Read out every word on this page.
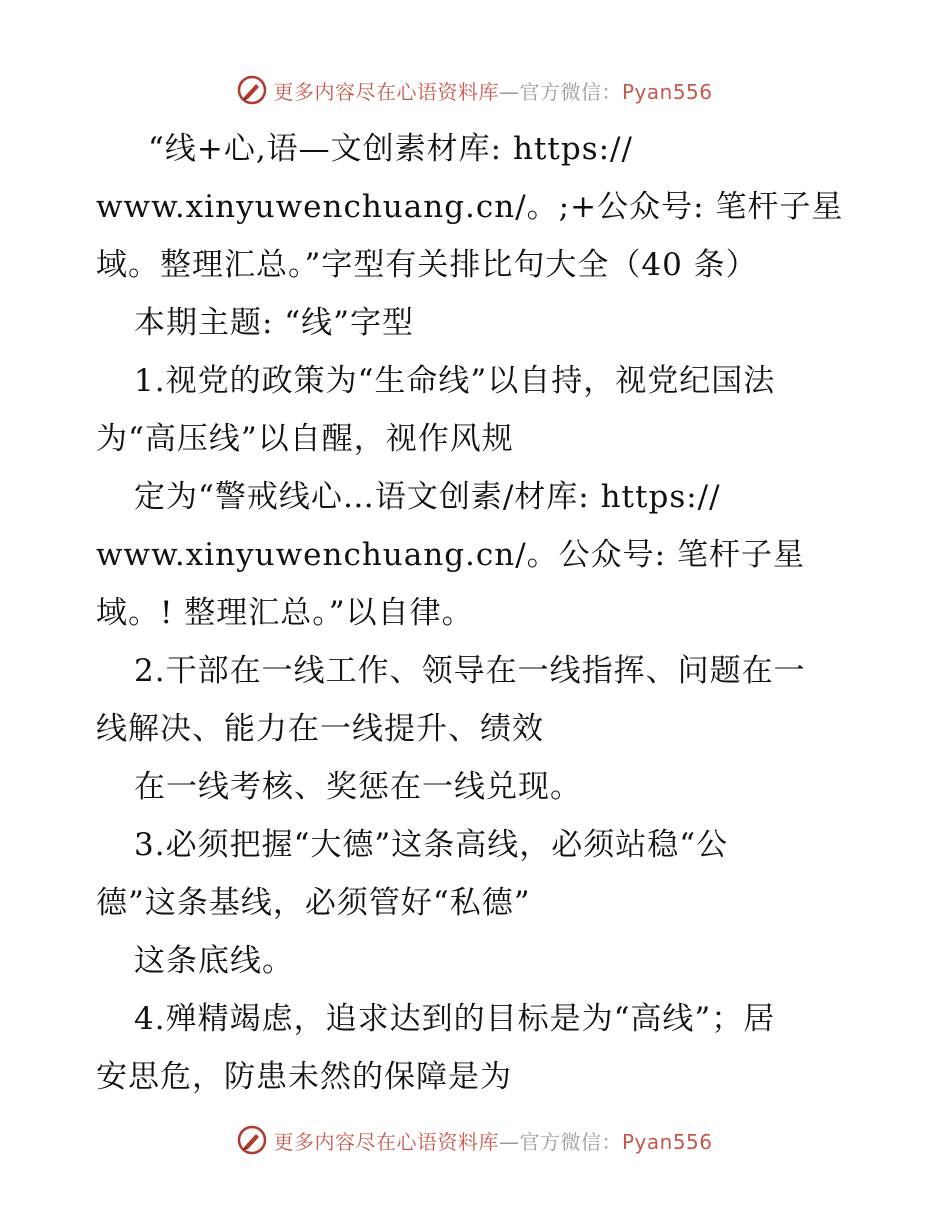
更多内容尽在心语资料库—官方微信：Pyan556
“线+心,语—文创素材库: https://
www.xinyuwenchuang.cn/。;+公众号: 笔杆子星
域。整理汇总。”字型有关排比句大全（40 条）
本期主题: “线”字型
1.视党的政策为“生命线”以自持，视党纪国法
为“高压线”以自醒，视作风规
定为“警戒线心…语文创素/材库: https://
www.xinyuwenchuang.cn/。公众号: 笔杆子星
域。! 整理汇总。”以自律。
2.干部在一线工作、领导在一线指挥、问题在一
线解决、能力在一线提升、绩效
在一线考核、奖惩在一线兑现。
3.必须把握“大德”这条高线，必须站稳“公
德”这条基线，必须管好“私德”
这条底线。
4.殚精竭虑，追求达到的目标是为“高线”；居
安思危，防患未然的保障是为
更多内容尽在心语资料库—官方微信：Pyan556
